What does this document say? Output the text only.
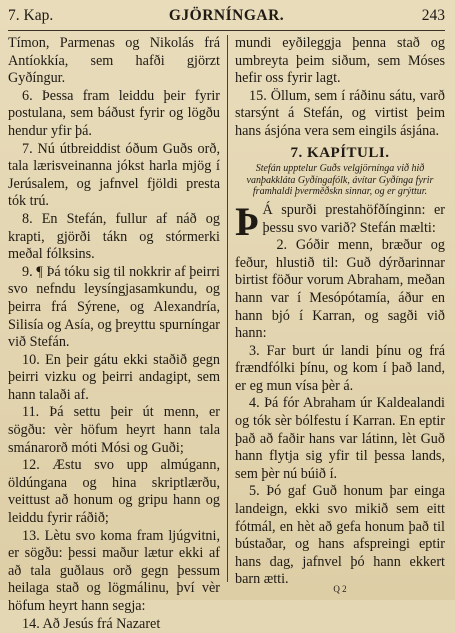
7. Kap.	GJÖRNÍNGAR.	243

Tímon, Parmenas og Nikolás frá Antíokkía, sem hafði gjörzt Gyðíngur.

6. Þessa fram leiddu þeir fyrir postulana, sem báðust fyrir og lögðu hendur yfir þá.

7. Nú útbreiddist óðum Guðs orð, tala lærisveinanna jókst harla mjög í Jerúsalem, og jafnvel fjöldi presta tók trú.

8. En Stefán, fullur af náð og krapti, gjörði tákn og stórmerki meðal fólksins.

9. ¶ Þá tóku sig til nokkrir af þeirri svo nefndu leysíngjasamkundu, og þeirra frá Sýrene, og Alexandría, Silisía og Asía, og þreyttu spurníngar við Stefán.

10. En þeir gátu ekki staðið gegn þeirri vizku og þeirri andagipt, sem hann talaði af.

11. Þá settu þeir út menn, er sögðu: vèr höfum heyrt hann tala smánarorð móti Mósi og Guði;

12. Æstu svo upp almúgann, öldúngana og hina skriptlærðu, veittust að honum og gripu hann og leiddu fyrir ráðið;

13. Lètu svo koma fram ljúgvitni, er sögðu: þessi maður lætur ekki af að tala guðlaus orð gegn þessum heilaga stað og lögmálinu, því vèr höfum heyrt hann segja:

14. Að Jesús frá Nazaret

mundi eyðileggja þenna stað og umbreyta þeim siðum, sem Móses hefir oss fyrir lagt.

15. Öllum, sem í ráðinu sátu, varð starsýnt á Stefán, og virtist þeim hans ásjóna vera sem eingils ásjána.

7. KAPÍTULI.
Stefán upptelur Guðs velgjörnínga við hið vanþakkláta Gyðíngafólk, ávítar Gyðínga fyrir framhaldi þverměðskn sinnar, og er grýttur.

Þ Á spurði prestahöfðínginn: er þessu svo varið? Stefán mælti:

2. Góðir menn, bræður og feður, hlustið til: Guð dýrðarinnar birtist föður vorum Abraham, meðan hann var í Mesópótamía, áður en hann bjó í Karran, og sagði við hann:

3. Far burt úr landi þínu og frá frændfólki þínu, og kom í það land, er eg mun vísa þèr á.

4. Þá fór Abraham úr Kaldealandi og tók sèr bólfestu í Karran. En eptir það að faðir hans var látinn, lèt Guð hann flytja sig yfir til þessa lands, sem þèr nú búið í.

5. Þó gaf Guð honum þar einga landeign, ekki svo mikið sem eitt fótmál, en hèt að gefa honum það til bústaðar, og hans afspreingi eptir hans dag, jafnvel þó hann ekkert barn ætti.

Q 2
